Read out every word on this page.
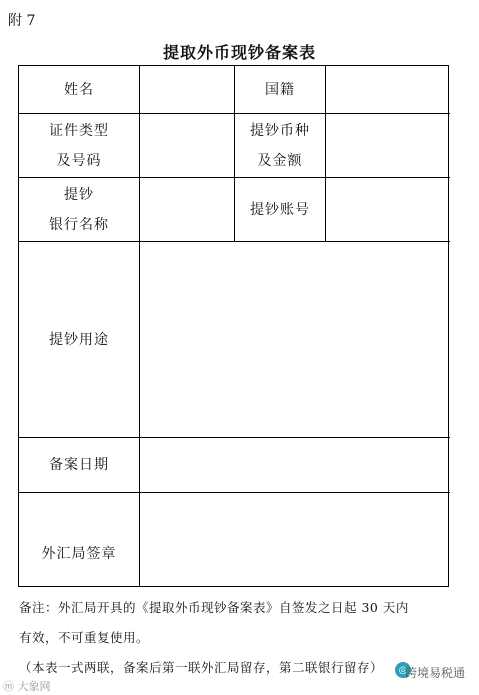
附 7
提取外币现钞备案表
姓名	国籍
证件类型
及号码
提钞币种
及金额
提钞
银行名称
提钞账号
提钞用途
备案日期
外汇局签章
备注：外汇局开具的《提取外币现钞备案表》自签发之日起 30 天内
有效，不可重复使用。
（本表一式两联，备案后第一联外汇局留存，第二联银行留存）
ⓜ 大象网
◎
跨境易税通
